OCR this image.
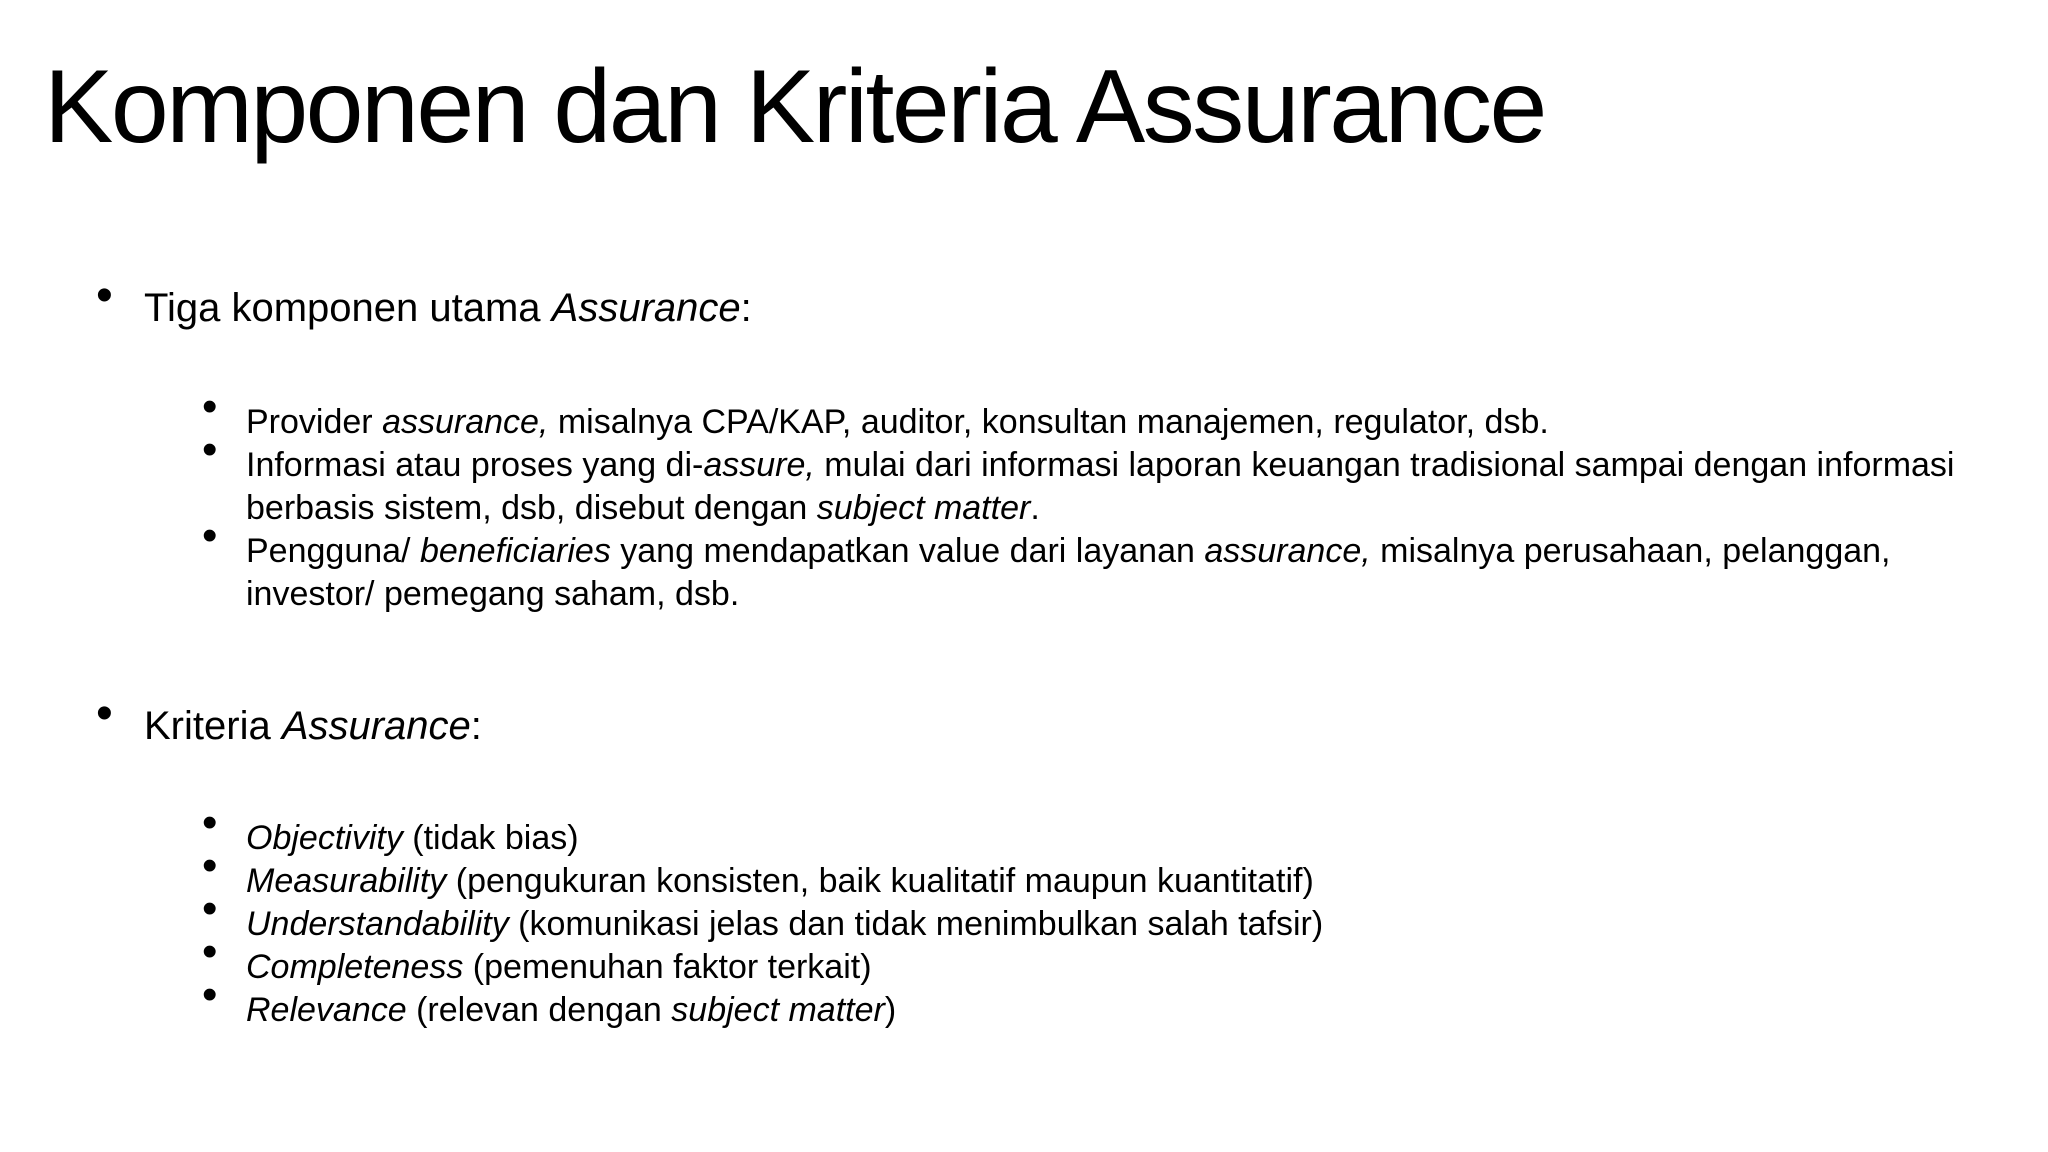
Komponen dan Kriteria Assurance

• Tiga komponen utama Assurance:

• Provider assurance, misalnya CPA/KAP, auditor, konsultan manajemen, regulator, dsb.
• Informasi atau proses yang di-assure, mulai dari informasi laporan keuangan tradisional sampai dengan informasi berbasis sistem, dsb, disebut dengan subject matter.
• Pengguna/ beneficiaries yang mendapatkan value dari layanan assurance, misalnya perusahaan, pelanggan, investor/ pemegang saham, dsb.

• Kriteria Assurance:

• Objectivity (tidak bias)
• Measurability (pengukuran konsisten, baik kualitatif maupun kuantitatif)
• Understandability (komunikasi jelas dan tidak menimbulkan salah tafsir)
• Completeness (pemenuhan faktor terkait)
• Relevance (relevan dengan subject matter)
